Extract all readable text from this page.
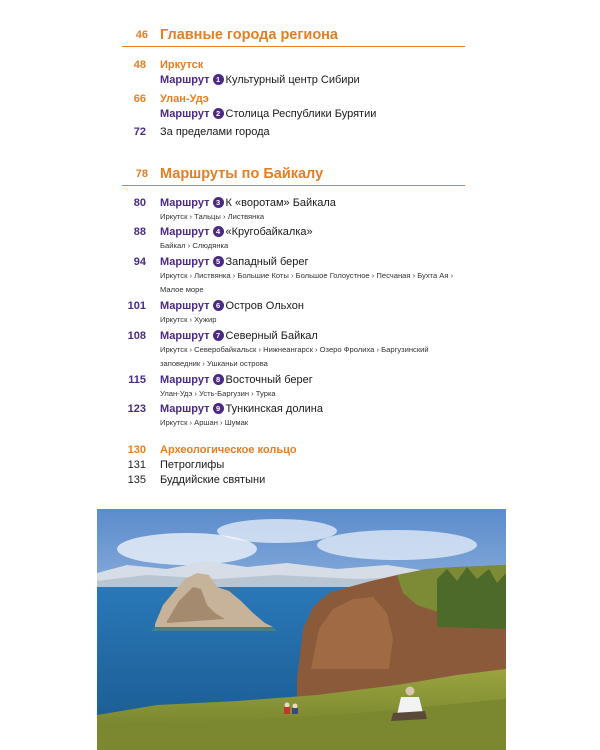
46 Главные города региона
48 Иркутск
Маршрут 1 Культурный центр Сибири
66 Улан-Удэ
Маршрут 2 Столица Республики Бурятии
72 За пределами города
78 Маршруты по Байкалу
80 Маршрут 3 К «воротам» Байкала
Иркутск › Тальцы › Листвянка
88 Маршрут 4 «Кругобайкалка»
Байкал › Слюдянка
94 Маршрут 5 Западный берег
Иркутск › Листвянка › Большие Коты › Большое Голоустное › Песчаная › Бухта Ая ›
Малое море
101 Маршрут 6 Остров Ольхон
Иркутск › Хужир
108 Маршрут 7 Северный Байкал
Иркутск › Северобайкальск › Нижнеангарск › Озеро Фролиха › Баргузинский
заповедник › Ушканьи острова
115 Маршрут 8 Восточный берег
Улан-Удэ › Усть-Баргузин › Турка
123 Маршрут 9 Тункинская долина
Иркутск › Аршан › Шумак
130 Археологическое кольцо
131 Петроглифы
135 Буддийские святыни
